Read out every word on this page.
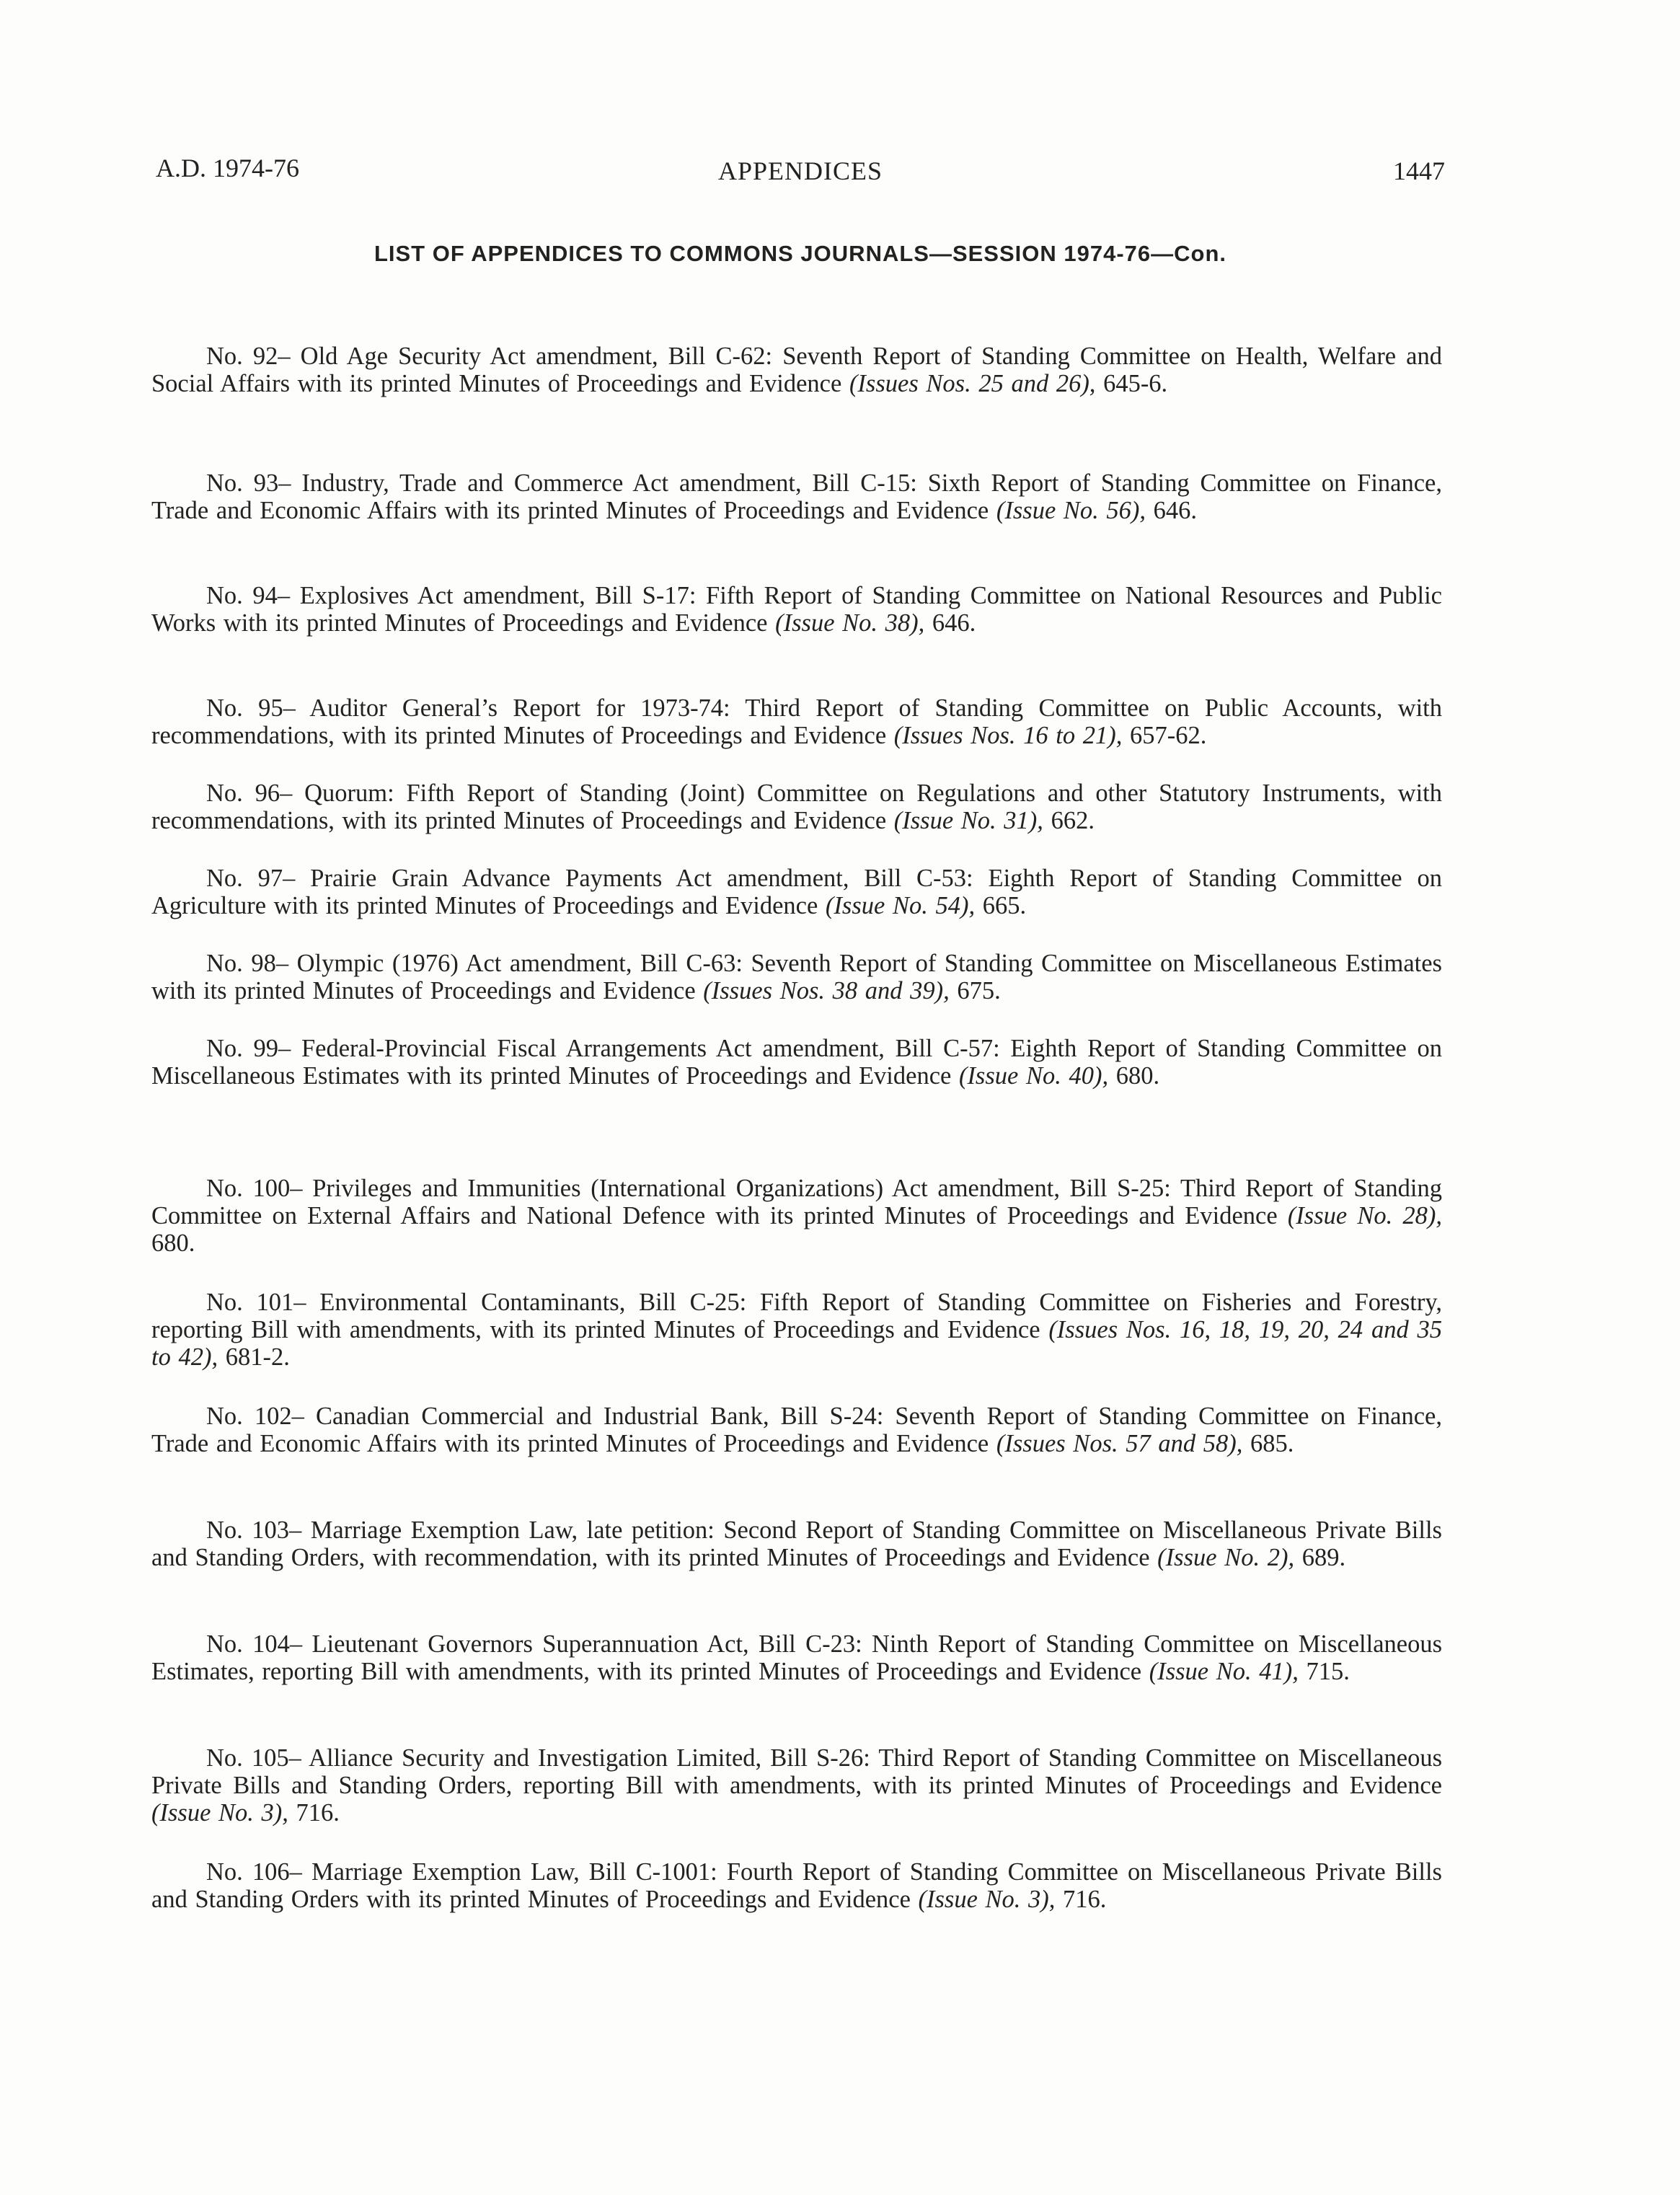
A.D. 1974-76	APPENDICES	1447
LIST OF APPENDICES TO COMMONS JOURNALS—SESSION 1974-76—Con.

No. 92– Old Age Security Act amendment, Bill C-62: Seventh Report of Standing Committee on Health, Welfare and Social Affairs with its printed Minutes of Proceedings and Evidence (Issues Nos. 25 and 26), 645-6.

No. 93– Industry, Trade and Commerce Act amendment, Bill C-15: Sixth Report of Standing Committee on Finance, Trade and Economic Affairs with its printed Minutes of Proceedings and Evidence (Issue No. 56), 646.

No. 94– Explosives Act amendment, Bill S-17: Fifth Report of Standing Committee on National Resources and Public Works with its printed Minutes of Proceedings and Evidence (Issue No. 38), 646.

No. 95– Auditor General’s Report for 1973-74: Third Report of Standing Committee on Public Accounts, with recommendations, with its printed Minutes of Proceedings and Evidence (Issues Nos. 16 to 21), 657-62.

No. 96– Quorum: Fifth Report of Standing (Joint) Committee on Regulations and other Statutory Instruments, with recommendations, with its printed Minutes of Proceedings and Evidence (Issue No. 31), 662.

No. 97– Prairie Grain Advance Payments Act amendment, Bill C-53: Eighth Report of Standing Committee on Agriculture with its printed Minutes of Proceedings and Evidence (Issue No. 54), 665.

No. 98– Olympic (1976) Act amendment, Bill C-63: Seventh Report of Standing Committee on Miscellaneous Estimates with its printed Minutes of Proceedings and Evidence (Issues Nos. 38 and 39), 675.

No. 99– Federal-Provincial Fiscal Arrangements Act amendment, Bill C-57: Eighth Report of Standing Committee on Miscellaneous Estimates with its printed Minutes of Proceedings and Evidence (Issue No. 40), 680.

No. 100– Privileges and Immunities (International Organizations) Act amendment, Bill S-25: Third Report of Standing Committee on External Affairs and National Defence with its printed Minutes of Proceedings and Evidence (Issue No. 28), 680.

No. 101– Environmental Contaminants, Bill C-25: Fifth Report of Standing Committee on Fisheries and Forestry, reporting Bill with amendments, with its printed Minutes of Proceedings and Evidence (Issues Nos. 16, 18, 19, 20, 24 and 35 to 42), 681-2.

No. 102– Canadian Commercial and Industrial Bank, Bill S-24: Seventh Report of Standing Committee on Finance, Trade and Economic Affairs with its printed Minutes of Proceedings and Evidence (Issues Nos. 57 and 58), 685.

No. 103– Marriage Exemption Law, late petition: Second Report of Standing Committee on Miscellaneous Private Bills and Standing Orders, with recommendation, with its printed Minutes of Proceedings and Evidence (Issue No. 2), 689.

No. 104– Lieutenant Governors Superannuation Act, Bill C-23: Ninth Report of Standing Committee on Miscellaneous Estimates, reporting Bill with amendments, with its printed Minutes of Proceedings and Evidence (Issue No. 41), 715.

No. 105– Alliance Security and Investigation Limited, Bill S-26: Third Report of Standing Committee on Miscellaneous Private Bills and Standing Orders, reporting Bill with amendments, with its printed Minutes of Proceedings and Evidence (Issue No. 3), 716.

No. 106– Marriage Exemption Law, Bill C-1001: Fourth Report of Standing Committee on Miscellaneous Private Bills and Standing Orders with its printed Minutes of Proceedings and Evidence (Issue No. 3), 716.
